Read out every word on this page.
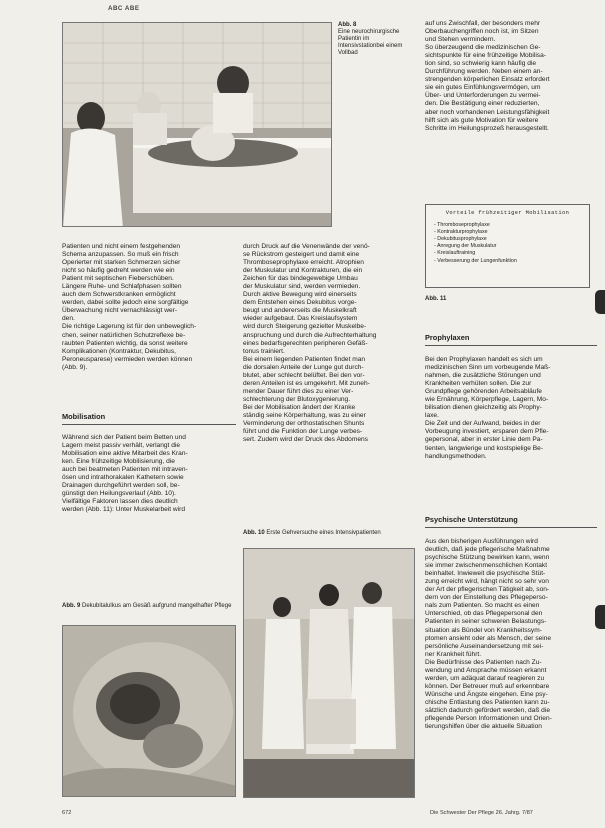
ABC ABE
Abb. 8
Eine neurochirurgische Patientin im Intensivstationbei einem Vollbad
auf uns Zwischfall, der besonders mehr
Oberbauchengriffen noch ist, im Sitzen
und Stehen vermindern.
So überzeugend die medizinischen Ge-
sichtspunkte für eine frühzeitige Mobilisa-
tion sind, so schwierig kann häufig die
Durchführung werden. Neben einem an-
strengenden körperlichen Einsatz erfordert
sie ein gutes Einfühlungsvermögen, um
Über- und Unterforderungen zu vermei-
den. Die Bestätigung einer reduzierten,
aber noch vorhandenen Leistungsfähigkeit
hilft sich als gute Motivation für weitere
Schritte im Heilungsprozeß herausgestellt.
Vorteile frühzeitiger Mobilisation
- Thromboseprophylaxe
- Kontrakturprophylaxe
- Dekubitusprophylaxe
- Anregung der Muskulatur
- Kreislauftraining
- Verbesserung der Lungenfunktion
Abb. 11
Patienten und nicht einem festgehenden
Schema anzupassen. So muß ein frisch
Operierter mit starken Schmerzen sicher
nicht so häufig gedreht werden wie ein
Patient mit septischen Fieberschüben.
Längere Ruhe- und Schlafphasen sollten
auch dem Schwerstkranken ermöglicht
werden, dabei sollte jedoch eine sorgfältige
Überwachung nicht vernachlässigt wer-
den.
Die richtige Lagerung ist für den unbeweglich-
chen, seiner natürlichen Schutzreflexe be-
raubten Patienten wichtig, da sonst weitere
Komplikationen (Kontraktur, Dekubitus,
Peroneusparese) vermieden werden können
(Abb. 9).
Mobilisation
Während sich der Patient beim Betten und
Lagern meist passiv verhält, verlangt die
Mobilisation eine aktive Mitarbeit des Kran-
ken. Eine frühzeitige Mobilisierung, die
auch bei beatmeten Patienten mit intraven-
ösen und intrathorakalen Kathetern sowie
Drainagen durchgeführt werden soll, be-
günstigt den Heilungsverlauf (Abb. 10).
Vielfältige Faktoren lassen dies deutlich
werden (Abb. 11): Unter Muskelarbeit wird
Abb. 9 Dekubitalulkus am Gesäß aufgrund mangelhafter Pflege
durch Druck auf die Venenwände der venö-
se Rückstrom gesteigert und damit eine
Thromboseprophylaxe erreicht. Atrophien
der Muskulatur und Kontrakturen, die ein
Zeichen für das bindegewebige Umbau
der Muskulatur sind, werden vermieden.
Durch aktive Bewegung wird einerseits
dem Entstehen eines Dekubitus vorge-
beugt und andererseits die Muskelkraft
wieder aufgebaut. Das Kreislaufsystem
wird durch Steigerung gezielter Muskelbe-
anspruchung und durch die Aufrechterhaltung
eines bedarfsgerechten peripheren Gefäß-
tonus trainiert.
Bei einem liegenden Patienten findet man
die dorsalen Anteile der Lunge gut durch-
blutet, aber schlecht belüftet. Bei den vor-
deren Anteilen ist es umgekehrt. Mit zuneh-
mender Dauer führt dies zu einer Ver-
schlechterung der Blutoxygenierung.
Bei der Mobilisation ändert der Kranke
ständig seine Körperhaltung, was zu einer
Verminderung der orthostatischen Shunts
führt und die Funktion der Lunge verbes-
sert. Zudem wird der Druck des Abdomens
Abb. 10 Erste Gehversuche eines Intensivpatienten
Prophylaxen
Bei den Prophylaxen handelt es sich um
medizinischen Sinn um vorbeugende Maß-
nahmen, die zusätzliche Störungen und
Krankheiten verhüten sollen. Die zur
Grundpflege gehörenden Arbeitsabläufe
wie Ernährung, Körperpflege, Lagern, Mo-
bilisation dienen gleichzeitig als Prophy-
laxe.
Die Zeit und der Aufwand, beides in der
Vorbeugung investiert, ersparen dem Pfle-
gepersonal, aber in erster Linie dem Pa-
tienten, langwierige und kostspielige Be-
handlungsmethoden.
Psychische Unterstützung
Aus den bisherigen Ausführungen wird
deutlich, daß jede pflegerische Maßnahme
psychische Stützung bewirken kann, wenn
sie immer zwischenmenschlichen Kontakt
beinhaltet. Inwieweit die psychische Stüt-
zung erreicht wird, hängt nicht so sehr von
der Art der pflegerischen Tätigkeit ab, son-
dern von der Einstellung des Pflegeperso-
nals zum Patienten. So macht es einen
Unterschied, ob das Pflegepersonal den
Patienten in seiner schweren Belastungs-
situation als Bündel von Krankheitssym-
ptomen ansieht oder als Mensch, der seine
persönliche Auseinandersetzung mit sei-
ner Krankheit führt.
Die Bedürfnisse des Patienten nach Zu-
wendung und Ansprache müssen erkannt
werden, um adäquat darauf reagieren zu
können. Der Betreuer muß auf erkennbare
Wünsche und Ängste eingehen. Eine psy-
chische Entlastung des Patienten kann zu-
sätzlich dadurch gefördert werden, daß die
pflegende Person Informationen und Orien-
tierungshilfen über die aktuelle Situation
672	Die Schwester Der Pflege 26. Jahrg. 7/87
